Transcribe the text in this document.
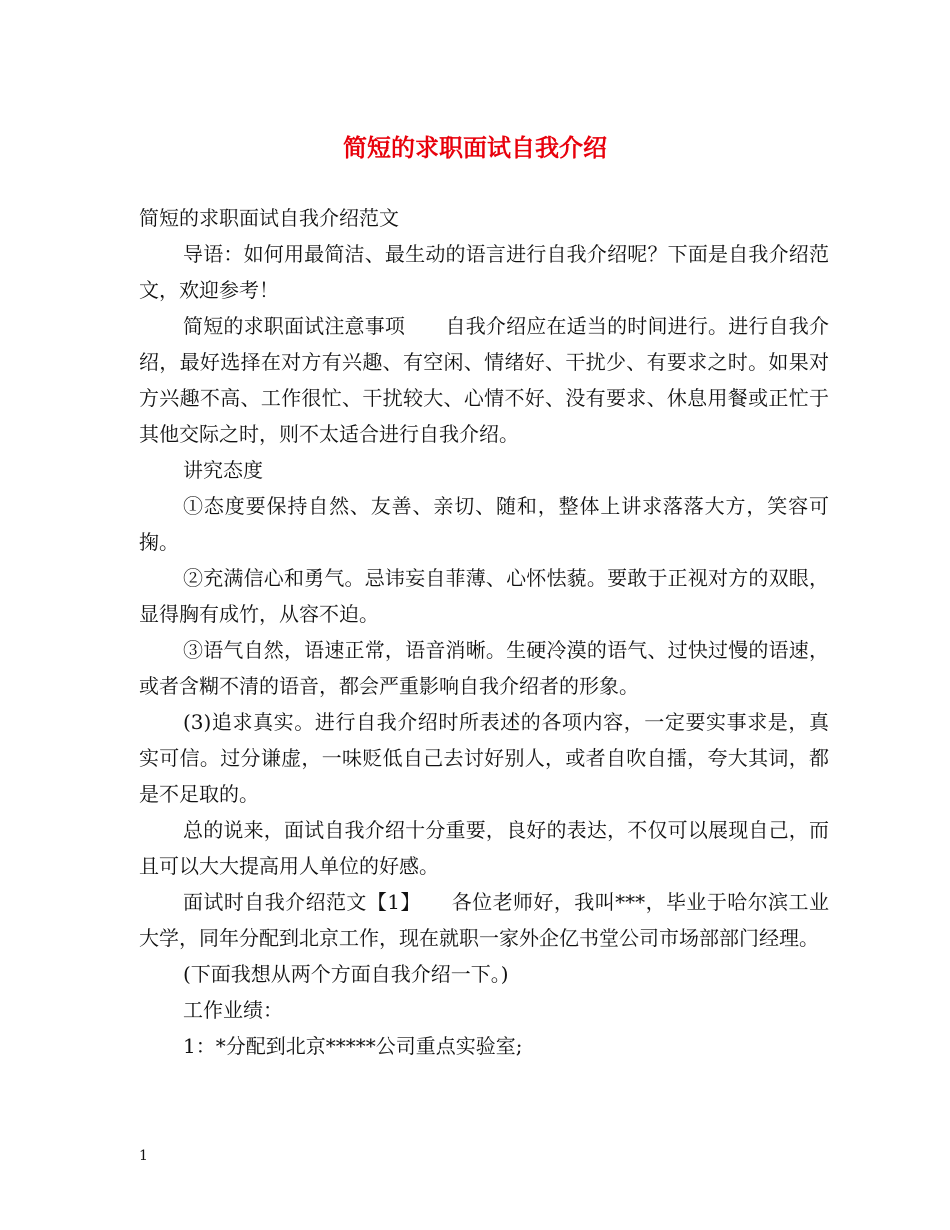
简短的求职面试自我介绍

简短的求职面试自我介绍范文

导语：如何用最简洁、最生动的语言进行自我介绍呢？下面是自我介绍范文，欢迎参考！

简短的求职面试注意事项　　自我介绍应在适当的时间进行。进行自我介绍，最好选择在对方有兴趣、有空闲、情绪好、干扰少、有要求之时。如果对方兴趣不高、工作很忙、干扰较大、心情不好、没有要求、休息用餐或正忙于其他交际之时，则不太适合进行自我介绍。

讲究态度

①态度要保持自然、友善、亲切、随和，整体上讲求落落大方，笑容可掬。

②充满信心和勇气。忌讳妄自菲薄、心怀怯藐。要敢于正视对方的双眼，显得胸有成竹，从容不迫。

③语气自然，语速正常，语音消晰。生硬冷漠的语气、过快过慢的语速，或者含糊不清的语音，都会严重影响自我介绍者的形象。

(3)追求真实。进行自我介绍时所表述的各项内容，一定要实事求是，真实可信。过分谦虚，一味贬低自己去讨好别人，或者自吹自擂，夸大其词，都是不足取的。

总的说来，面试自我介绍十分重要，良好的表达，不仅可以展现自己，而且可以大大提高用人单位的好感。

面试时自我介绍范文【1】　　各位老师好，我叫***，毕业于哈尔滨工业大学，同年分配到北京工作，现在就职一家外企亿书堂公司市场部部门经理。

(下面我想从两个方面自我介绍一下。)

工作业绩：

1：*分配到北京*****公司重点实验室;

1
